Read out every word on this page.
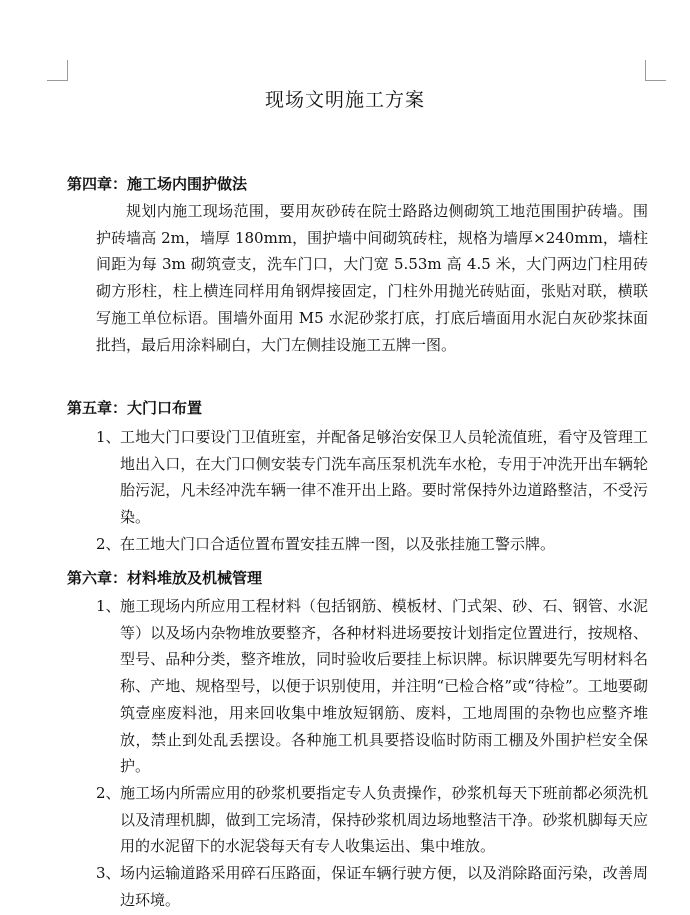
现场文明施工方案
第四章：施工场内围护做法
规划内施工现场范围，要用灰砂砖在院士路路边侧砌筑工地范围围护砖墙。围护砖墙高 2m，墙厚 180mm，围护墙中间砌筑砖柱，规格为墙厚×240mm，墙柱间距为每 3m 砌筑壹支，洗车门口，大门宽 5.53m 高 4.5 米，大门两边门柱用砖砌方形柱，柱上横连同样用角钢焊接固定，门柱外用抛光砖贴面，张贴对联，横联写施工单位标语。围墙外面用 M5 水泥砂浆打底，打底后墙面用水泥白灰砂浆抹面批挡，最后用涂料刷白，大门左侧挂设施工五牌一图。
第五章：大门口布置
1、 工地大门口要设门卫值班室，并配备足够治安保卫人员轮流值班，看守及管理工地出入口，在大门口侧安装专门洗车高压泵机洗车水枪，专用于冲洗开出车辆轮胎污泥，凡未经冲洗车辆一律不准开出上路。要时常保持外边道路整洁，不受污染。
2、 在工地大门口合适位置布置安挂五牌一图，以及张挂施工警示牌。
第六章：材料堆放及机械管理
1、 施工现场内所应用工程材料（包括钢筋、模板材、门式架、砂、石、钢管、水泥等）以及场内杂物堆放要整齐，各种材料进场要按计划指定位置进行，按规格、型号、品种分类，整齐堆放，同时验收后要挂上标识牌。标识牌要先写明材料名称、产地、规格型号，以便于识别使用，并注明“已检合格”或“待检”。工地要砌筑壹座废料池，用来回收集中堆放短钢筋、废料，工地周围的杂物也应整齐堆放，禁止到处乱丢摆设。各种施工机具要搭设临时防雨工棚及外围护栏安全保护。
2、 施工场内所需应用的砂浆机要指定专人负责操作，砂浆机每天下班前都必须洗机以及清理机脚，做到工完场清，保持砂浆机周边场地整洁干净。砂浆机脚每天应用的水泥留下的水泥袋每天有专人收集运出、集中堆放。
3、 场内运输道路采用碎石压路面，保证车辆行驶方便，以及消除路面污染，改善周边环境。
